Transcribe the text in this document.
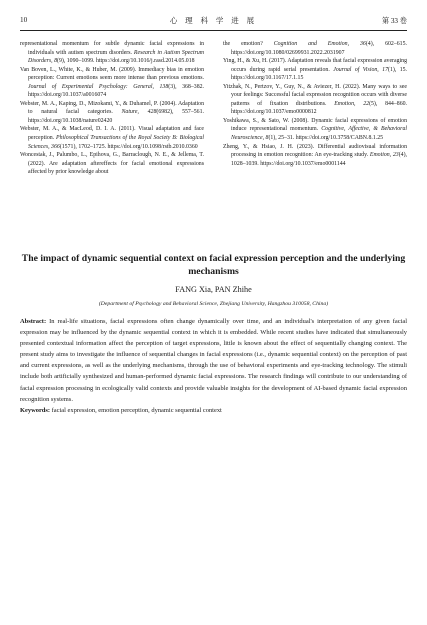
10	心 理 科 学 进 展	第 33 卷

representational momentum for subtle dynamic facial expressions in individuals with autism spectrum disorders. Research in Autism Spectrum Disorders, 8(9), 1090–1099. https://doi.org/10.1016/j.rasd.2014.05.018

Van Boven, L., White, K., & Huber, M. (2009). Immediacy bias in emotion perception: Current emotions seem more intense than previous emotions. Journal of Experimental Psychology: General, 138(3), 368–382. https://doi.org/10.1037/a0016074

Webster, M. A., Kaping, D., Mizokami, Y., & Duhamel, P. (2004). Adaptation to natural facial categories. Nature, 428(6982), 557–561. https://doi.org/10.1038/nature02420

Webster, M. A., & MacLeod, D. I. A. (2011). Visual adaptation and face perception. Philosophical Transactions of the Royal Society B: Biological Sciences, 366(1571), 1702–1725. https://doi.org/10.1098/rstb.2010.0360

Woncestak, J., Palumbo, L., Epihova, G., Barraclough, N. E., & Jellema, T. (2022). Are adaptation aftereffects for facial emotional expressions affected by prior knowledge about

the emotion? Cognition and Emotion, 36(4), 602–615. https://doi.org/10.1080/02699931.2022.2031907

Ying, H., & Xu, H. (2017). Adaptation reveals that facial expression averaging occurs during rapid serial presentation. Journal of Vision, 17(1), 15. https://doi.org/10.1167/17.1.15

Yitzhak, N., Pertzov, Y., Guy, N., & Aviezer, H. (2022). Many ways to see your feelings: Successful facial expression recognition occurs with diverse patterns of fixation distributions. Emotion, 22(5), 844–860. https://doi.org/10.1037/emo0000812

Yoshikawa, S., & Sato, W. (2008). Dynamic facial expressions of emotion induce representational momentum. Cognitive, Affective, & Behavioral Neuroscience, 8(1), 25–31. https://doi.org/10.3758/CABN.8.1.25

Zheng, Y., & Hsiao, J. H. (2023). Differential audiovisual information processing in emotion recognition: An eye-tracking study. Emotion, 23(4), 1028–1039. https://doi.org/10.1037/emo0001144

The impact of dynamic sequential context on facial expression perception and the underlying mechanisms
FANG Xia, PAN Zhihe
(Department of Psychology and Behavioral Science, Zhejiang University, Hangzhou 310058, China)

Abstract: In real-life situations, facial expressions often change dynamically over time, and an individual's interpretation of any given facial expression may be influenced by the dynamic sequential context in which it is embedded. While recent studies have indicated that simultaneously presented contextual information affect the perception of target expressions, little is known about the effect of sequentially changing context. The present study aims to investigate the influence of sequential changes in facial expressions (i.e., dynamic sequential context) on the perception of past and current expressions, as well as the underlying mechanisms, through the use of behavioral experiments and eye-tracking technology. The stimuli include both artificially synthesized and human-performed dynamic facial expressions. The research findings will contribute to our understanding of facial expression processing in ecologically valid contexts and provide valuable insights for the development of AI-based dynamic facial expression recognition systems.

Keywords: facial expression, emotion perception, dynamic sequential context
